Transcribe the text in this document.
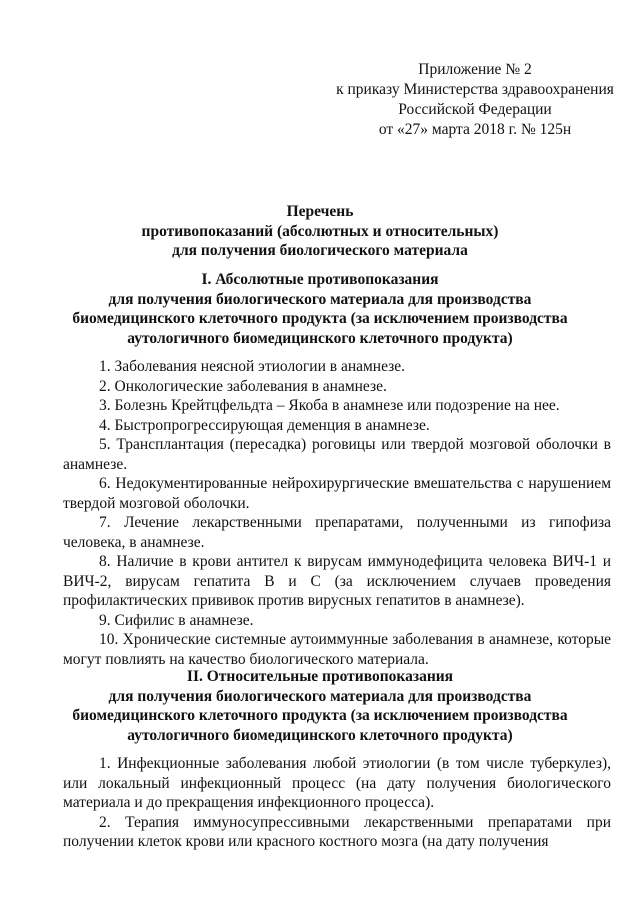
Приложение № 2
к приказу Министерства здравоохранения
Российской Федерации
от «27» марта 2018 г. № 125н
Перечень
противопоказаний (абсолютных и относительных)
для получения биологического материала
I. Абсолютные противопоказания
для получения биологического материала для производства
биомедицинского клеточного продукта (за исключением производства
аутологичного биомедицинского клеточного продукта)

1. Заболевания неясной этиологии в анамнезе.

2. Онкологические заболевания в анамнезе.

3. Болезнь Крейтцфельдта – Якоба в анамнезе или подозрение на нее.

4. Быстропрогрессирующая деменция в анамнезе.

5. Трансплантация (пересадка) роговицы или твердой мозговой оболочки в анамнезе.

6. Недокументированные нейрохирургические вмешательства с нарушением твердой мозговой оболочки.

7. Лечение лекарственными препаратами, полученными из гипофиза человека, в анамнезе.

8. Наличие в крови антител к вирусам иммунодефицита человека ВИЧ-1 и ВИЧ-2, вирусам гепатита В и С (за исключением случаев проведения профилактических прививок против вирусных гепатитов в анамнезе).

9. Сифилис в анамнезе.

10. Хронические системные аутоиммунные заболевания в анамнезе, которые могут повлиять на качество биологического материала.

II. Относительные противопоказания
для получения биологического материала для производства
биомедицинского клеточного продукта (за исключением производства
аутологичного биомедицинского клеточного продукта)

1. Инфекционные заболевания любой этиологии (в том числе туберкулез), или локальный инфекционный процесс (на дату получения биологического материала и до прекращения инфекционного процесса).

2. Терапия иммуносупрессивными лекарственными препаратами при получении клеток крови или красного костного мозга (на дату получения
